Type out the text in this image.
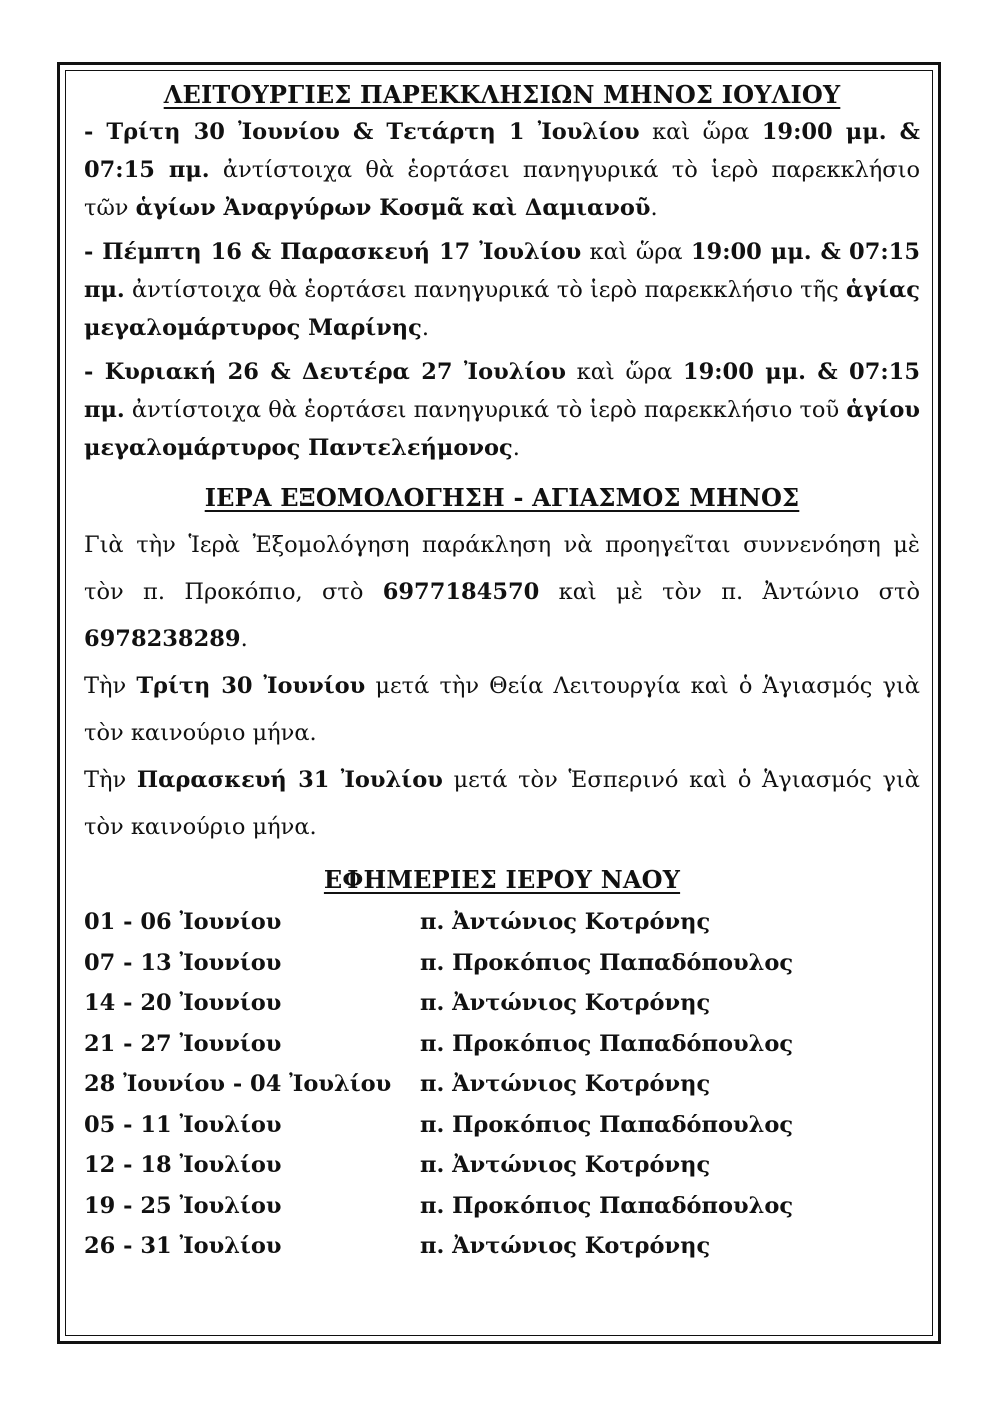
ΛΕΙΤΟΥΡΓΙΕΣ ΠΑΡΕΚΚΛΗΣΙΩΝ ΜΗΝΟΣ ΙΟΥΛΙΟΥ

- Τρίτη 30 Ἰουνίου & Τετάρτη 1 Ἰουλίου καὶ ὥρα 19:00 μμ. & 07:15 πμ. ἀντίστοιχα θὰ ἑορτάσει πανηγυρικά τὸ ἱερὸ παρεκκλήσιο τῶν ἁγίων Ἀναργύρων Κοσμᾶ καὶ Δαμιανοῦ.

- Πέμπτη 16 & Παρασκευή 17 Ἰουλίου καὶ ὥρα 19:00 μμ. & 07:15 πμ. ἀντίστοιχα θὰ ἑορτάσει πανηγυρικά τὸ ἱερὸ παρεκκλήσιο τῆς ἁγίας μεγαλομάρτυρος Μαρίνης.

- Κυριακή 26 & Δευτέρα 27 Ἰουλίου καὶ ὥρα 19:00 μμ. & 07:15 πμ. ἀντίστοιχα θὰ ἑορτάσει πανηγυρικά τὸ ἱερὸ παρεκκλήσιο τοῦ ἁγίου μεγαλομάρτυρος Παντελεήμονος.

ΙΕΡΑ ΕΞΟΜΟΛΟΓΗΣΗ - ΑΓΙΑΣΜΟΣ ΜΗΝΟΣ

Γιὰ τὴν Ἱερὰ Ἐξομολόγηση παράκληση νὰ προηγεῖται συννενόηση μὲ τὸν π. Προκόπιο, στὸ 6977184570 καὶ μὲ τὸν π. Ἀντώνιο στὸ 6978238289.

Τὴν Τρίτη 30 Ἰουνίου μετά τὴν Θεία Λειτουργία καὶ ὁ Ἁγιασμός γιὰ τὸν καινούριο μήνα.

Τὴν Παρασκευή 31 Ἰουλίου μετά τὸν Ἑσπερινό καὶ ὁ Ἁγιασμός γιὰ τὸν καινούριο μήνα.

ΕΦΗΜΕΡΙΕΣ ΙΕΡΟΥ ΝΑΟΥ
01 - 06 Ἰουνίου	π. Ἀντώνιος Κοτρόνης
07 - 13 Ἰουνίου	π. Προκόπιος Παπαδόπουλος
14 - 20 Ἰουνίου	π. Ἀντώνιος Κοτρόνης
21 - 27 Ἰουνίου	π. Προκόπιος Παπαδόπουλος
28 Ἰουνίου - 04 Ἰουλίου	π. Ἀντώνιος Κοτρόνης
05 - 11 Ἰουλίου	π. Προκόπιος Παπαδόπουλος
12 - 18 Ἰουλίου	π. Ἀντώνιος Κοτρόνης
19 - 25 Ἰουλίου	π. Προκόπιος Παπαδόπουλος
26 - 31 Ἰουλίου	π. Ἀντώνιος Κοτρόνης
